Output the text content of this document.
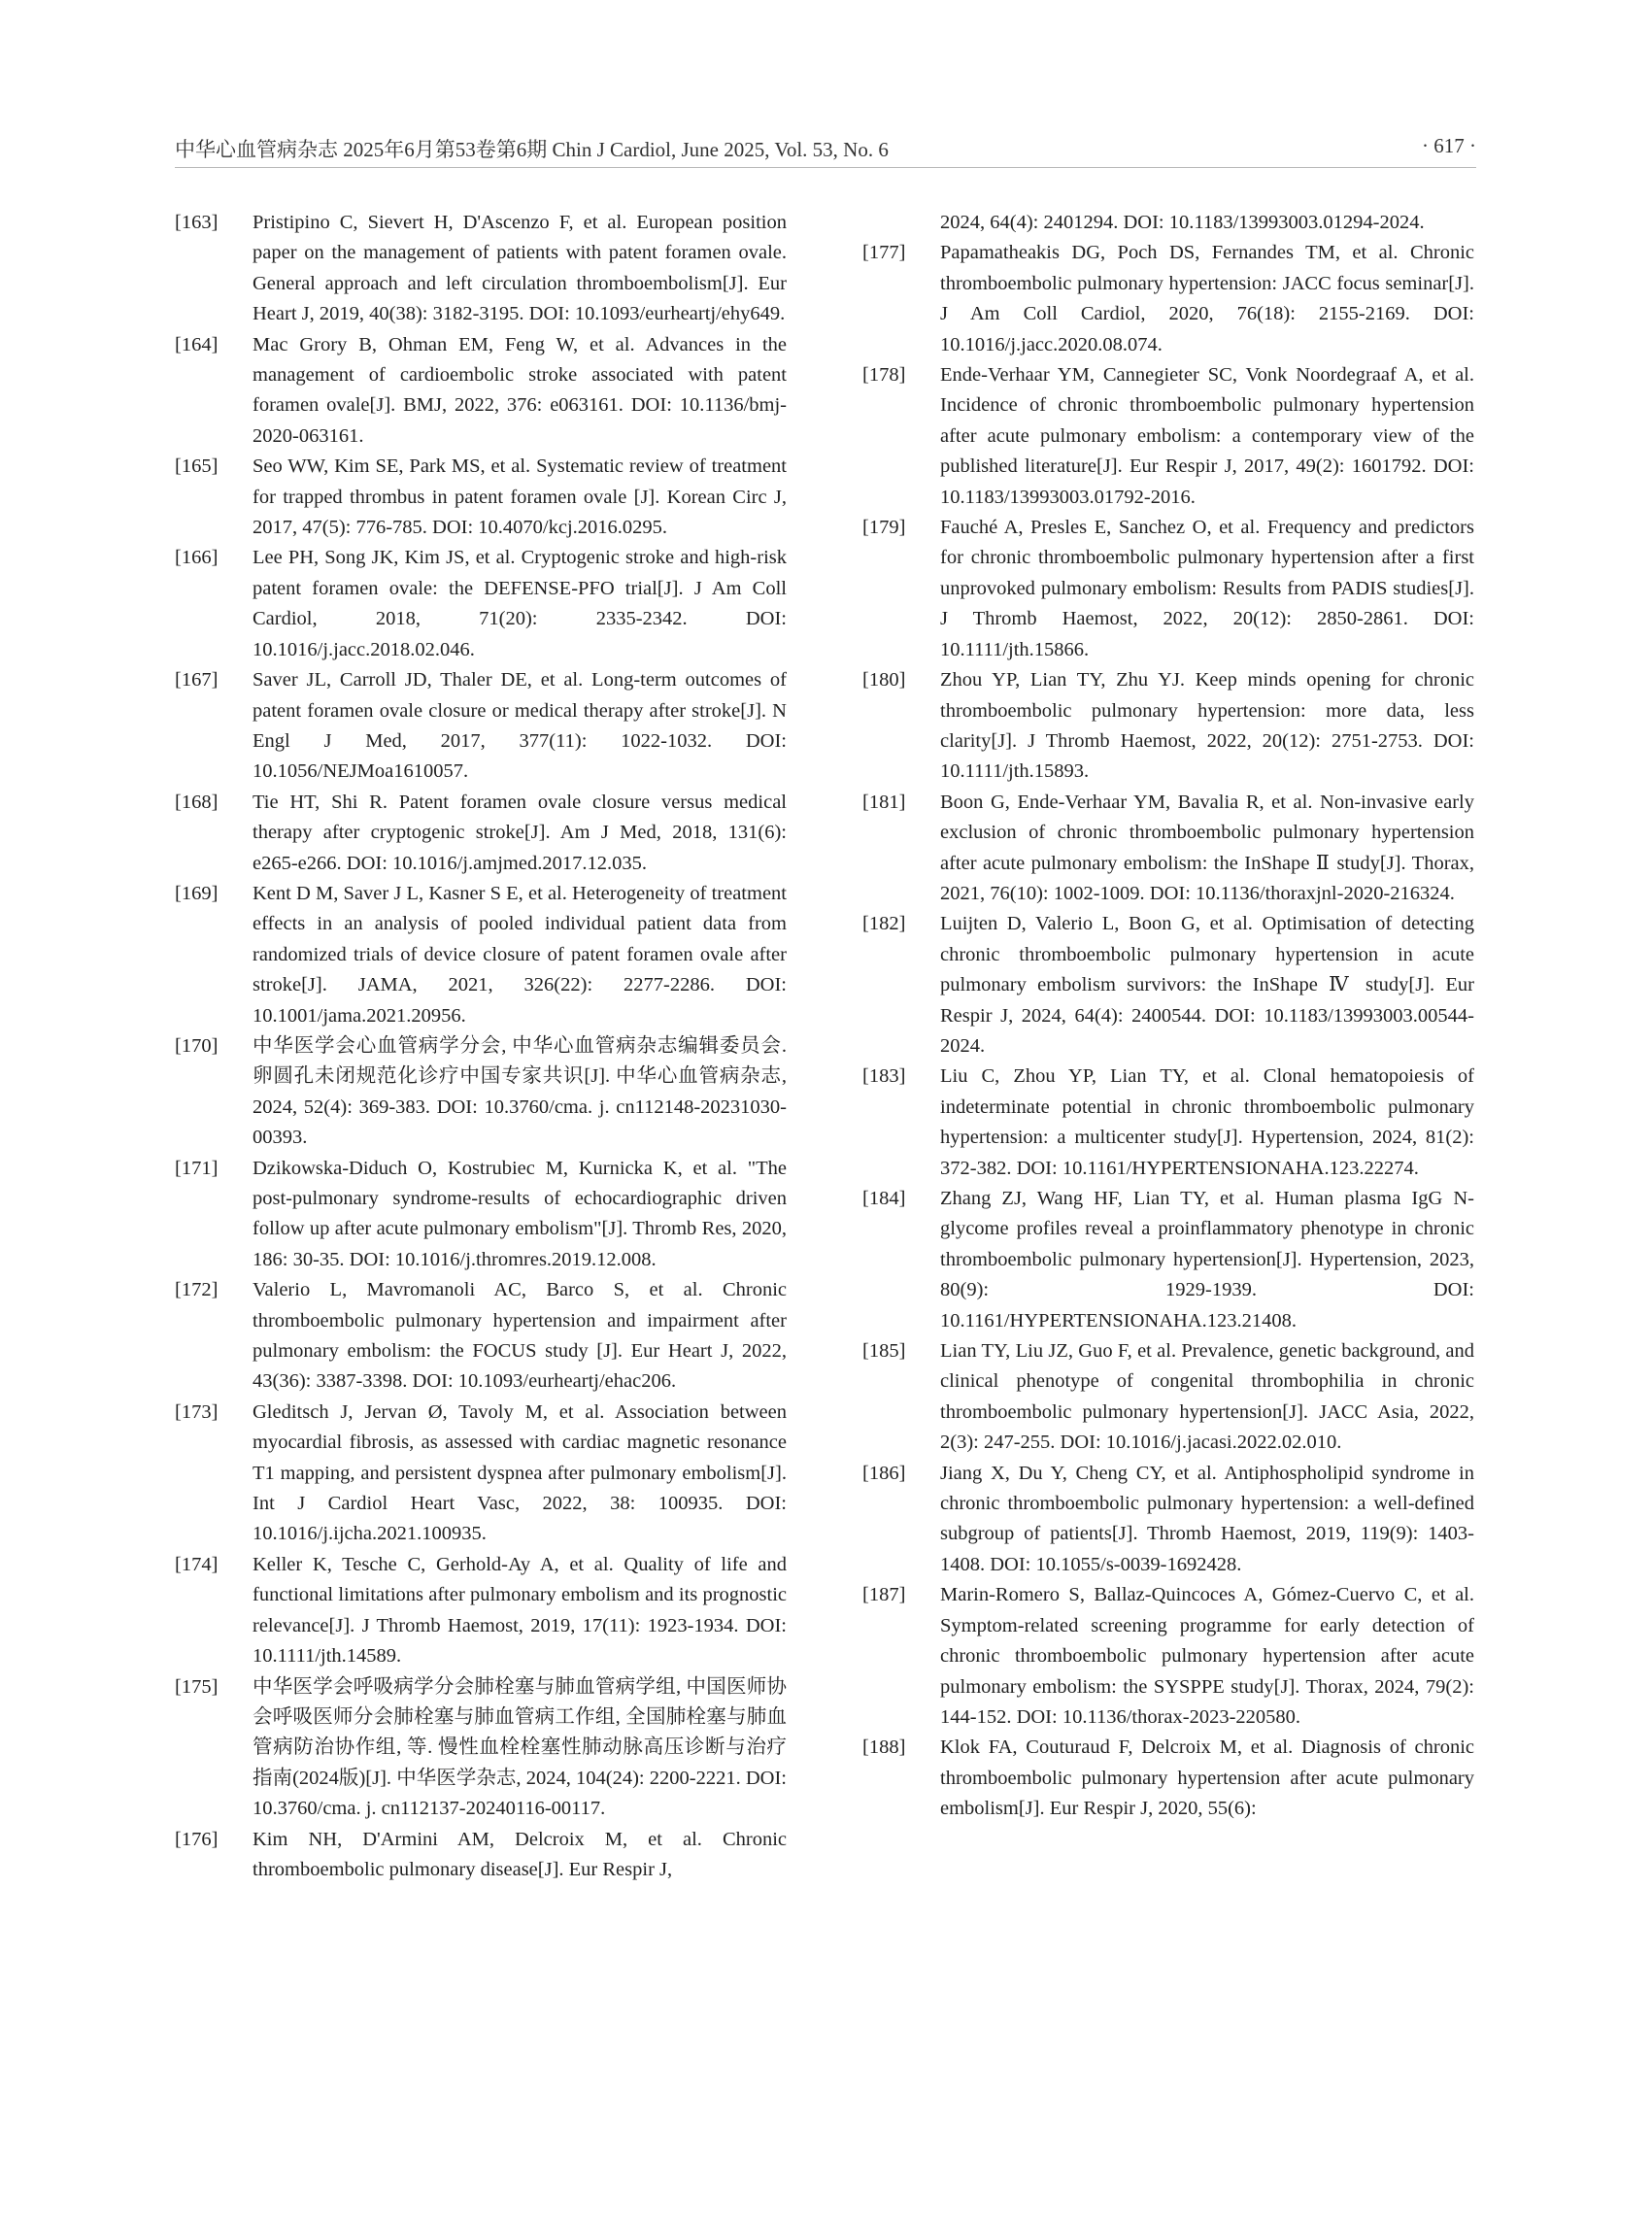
中华心血管病杂志 2025年6月第53卷第6期 Chin J Cardiol, June 2025, Vol. 53, No. 6	· 617 ·
[163] Pristipino C, Sievert H, D'Ascenzo F, et al. European position paper on the management of patients with patent foramen ovale. General approach and left circulation thromboembolism[J]. Eur Heart J, 2019, 40(38): 3182-3195. DOI: 10.1093/eurheartj/ehy649.
[164] Mac Grory B, Ohman EM, Feng W, et al. Advances in the management of cardioembolic stroke associated with patent foramen ovale[J]. BMJ, 2022, 376: e063161. DOI: 10.1136/bmj-2020-063161.
[165] Seo WW, Kim SE, Park MS, et al. Systematic review of treatment for trapped thrombus in patent foramen ovale [J]. Korean Circ J, 2017, 47(5): 776-785. DOI: 10.4070/kcj.2016.0295.
[166] Lee PH, Song JK, Kim JS, et al. Cryptogenic stroke and high-risk patent foramen ovale: the DEFENSE-PFO trial[J]. J Am Coll Cardiol, 2018, 71(20): 2335-2342. DOI: 10.1016/j.jacc.2018.02.046.
[167] Saver JL, Carroll JD, Thaler DE, et al. Long-term outcomes of patent foramen ovale closure or medical therapy after stroke[J]. N Engl J Med, 2017, 377(11): 1022-1032. DOI: 10.1056/NEJMoa1610057.
[168] Tie HT, Shi R. Patent foramen ovale closure versus medical therapy after cryptogenic stroke[J]. Am J Med, 2018, 131(6): e265-e266. DOI: 10.1016/j.amjmed.2017.12.035.
[169] Kent D M, Saver J L, Kasner S E, et al. Heterogeneity of treatment effects in an analysis of pooled individual patient data from randomized trials of device closure of patent foramen ovale after stroke[J]. JAMA, 2021, 326(22): 2277-2286. DOI: 10.1001/jama.2021.20956.
[170] 中华医学会心血管病学分会, 中华心血管病杂志编辑委员会. 卵圆孔未闭规范化诊疗中国专家共识[J]. 中华心血管病杂志, 2024, 52(4): 369-383. DOI: 10.3760/cma. j. cn112148-20231030-00393.
[171] Dzikowska-Diduch O, Kostrubiec M, Kurnicka K, et al. "The post-pulmonary syndrome-results of echocardiographic driven follow up after acute pulmonary embolism"[J]. Thromb Res, 2020, 186: 30-35. DOI: 10.1016/j.thromres.2019.12.008.
[172] Valerio L, Mavromanoli AC, Barco S, et al. Chronic thromboembolic pulmonary hypertension and impairment after pulmonary embolism: the FOCUS study [J]. Eur Heart J, 2022, 43(36): 3387-3398. DOI: 10.1093/eurheartj/ehac206.
[173] Gleditsch J, Jervan Ø, Tavoly M, et al. Association between myocardial fibrosis, as assessed with cardiac magnetic resonance T1 mapping, and persistent dyspnea after pulmonary embolism[J]. Int J Cardiol Heart Vasc, 2022, 38: 100935. DOI: 10.1016/j.ijcha.2021.100935.
[174] Keller K, Tesche C, Gerhold-Ay A, et al. Quality of life and functional limitations after pulmonary embolism and its prognostic relevance[J]. J Thromb Haemost, 2019, 17(11): 1923-1934. DOI: 10.1111/jth.14589.
[175] 中华医学会呼吸病学分会肺栓塞与肺血管病学组, 中国医师协会呼吸医师分会肺栓塞与肺血管病工作组, 全国肺栓塞与肺血管病防治协作组, 等. 慢性血栓栓塞性肺动脉高压诊断与治疗指南(2024版)[J]. 中华医学杂志, 2024, 104(24): 2200-2221. DOI: 10.3760/cma. j. cn112137-20240116-00117.
[176] Kim NH, D'Armini AM, Delcroix M, et al. Chronic thromboembolic pulmonary disease[J]. Eur Respir J,
2024, 64(4): 2401294. DOI: 10.1183/13993003.01294-2024.
[177] Papamatheakis DG, Poch DS, Fernandes TM, et al. Chronic thromboembolic pulmonary hypertension: JACC focus seminar[J]. J Am Coll Cardiol, 2020, 76(18): 2155-2169. DOI: 10.1016/j.jacc.2020.08.074.
[178] Ende-Verhaar YM, Cannegieter SC, Vonk Noordegraaf A, et al. Incidence of chronic thromboembolic pulmonary hypertension after acute pulmonary embolism: a contemporary view of the published literature[J]. Eur Respir J, 2017, 49(2): 1601792. DOI: 10.1183/13993003.01792-2016.
[179] Fauché A, Presles E, Sanchez O, et al. Frequency and predictors for chronic thromboembolic pulmonary hypertension after a first unprovoked pulmonary embolism: Results from PADIS studies[J]. J Thromb Haemost, 2022, 20(12): 2850-2861. DOI: 10.1111/jth.15866.
[180] Zhou YP, Lian TY, Zhu YJ. Keep minds opening for chronic thromboembolic pulmonary hypertension: more data, less clarity[J]. J Thromb Haemost, 2022, 20(12): 2751-2753. DOI: 10.1111/jth.15893.
[181] Boon G, Ende-Verhaar YM, Bavalia R, et al. Non-invasive early exclusion of chronic thromboembolic pulmonary hypertension after acute pulmonary embolism: the InShape Ⅱ study[J]. Thorax, 2021, 76(10): 1002-1009. DOI: 10.1136/thoraxjnl-2020-216324.
[182] Luijten D, Valerio L, Boon G, et al. Optimisation of detecting chronic thromboembolic pulmonary hypertension in acute pulmonary embolism survivors: the InShape Ⅳ study[J]. Eur Respir J, 2024, 64(4): 2400544. DOI: 10.1183/13993003.00544-2024.
[183] Liu C, Zhou YP, Lian TY, et al. Clonal hematopoiesis of indeterminate potential in chronic thromboembolic pulmonary hypertension: a multicenter study[J]. Hypertension, 2024, 81(2): 372-382. DOI: 10.1161/HYPERTENSIONAHA.123.22274.
[184] Zhang ZJ, Wang HF, Lian TY, et al. Human plasma IgG N-glycome profiles reveal a proinflammatory phenotype in chronic thromboembolic pulmonary hypertension[J]. Hypertension, 2023, 80(9): 1929-1939. DOI: 10.1161/HYPERTENSIONAHA.123.21408.
[185] Lian TY, Liu JZ, Guo F, et al. Prevalence, genetic background, and clinical phenotype of congenital thrombophilia in chronic thromboembolic pulmonary hypertension[J]. JACC Asia, 2022, 2(3): 247-255. DOI: 10.1016/j.jacasi.2022.02.010.
[186] Jiang X, Du Y, Cheng CY, et al. Antiphospholipid syndrome in chronic thromboembolic pulmonary hypertension: a well-defined subgroup of patients[J]. Thromb Haemost, 2019, 119(9): 1403-1408. DOI: 10.1055/s-0039-1692428.
[187] Marin-Romero S, Ballaz-Quincoces A, Gómez-Cuervo C, et al. Symptom-related screening programme for early detection of chronic thromboembolic pulmonary hypertension after acute pulmonary embolism: the SYSPPE study[J]. Thorax, 2024, 79(2): 144-152. DOI: 10.1136/thorax-2023-220580.
[188] Klok FA, Couturaud F, Delcroix M, et al. Diagnosis of chronic thromboembolic pulmonary hypertension after acute pulmonary embolism[J]. Eur Respir J, 2020, 55(6):
